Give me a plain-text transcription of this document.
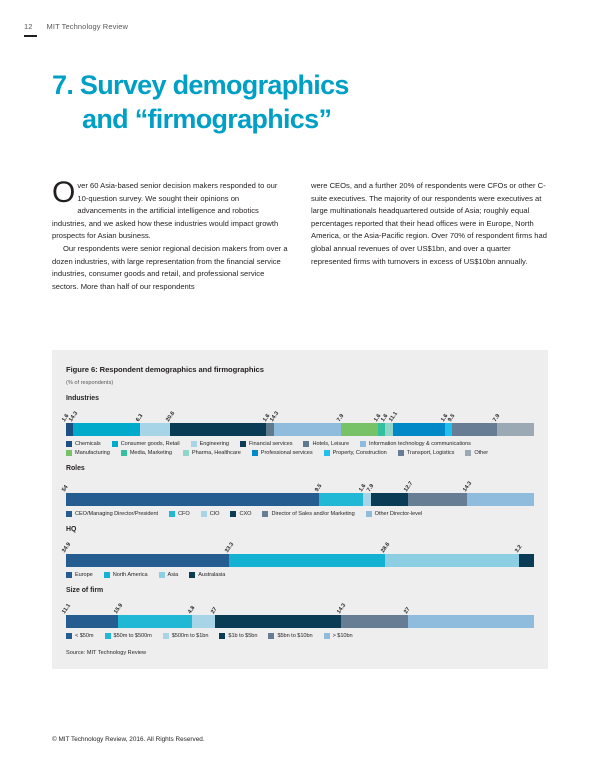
12 MIT Technology Review
7. Survey demographics
and “firmographics”

Over 60 Asia-based senior decision makers responded to our 10-question survey. We sought their opinions on advancements in the artificial intelligence and robotics industries, and we asked how these industries would impact growth prospects for Asian business.

Our respondents were senior regional decision makers from over a dozen industries, with large representation from the financial service industries, consumer goods and retail, and professional service sectors. More than half of our respondents

were CEOs, and a further 20% of respondents were CFOs or other C-suite executives. The majority of our respondents were executives at large multinationals headquartered outside of Asia; roughly equal percentages reported that their head offices were in Europe, North America, or the Asia-Pacific region. Over 70% of respondent firms had global annual revenues of over US$1bn, and over a quarter represented firms with turnovers in excess of US$10bn annually.

Figure 6: Respondent demographics and firmographics
(% of respondents)
Industries
1.6
14.3	6.3	20.6	1.6
14.3	7.9	1.6
1.6
11.1	1.6
9.5	7.9
Chemicals	Consumer goods, Retail	Engineering	Financial services	Hotels, Leisure	Information technology & communications
Manufacturing	Media, Marketing	Pharma, Healthcare	Professional services	Property, Construction	Transport, Logistics	Other
Roles
54	9.5	1.6
7.9	12.7	14.3
CEO/Managing Director/President	CFO	CIO	CXO	Director of Sales and/or Marketing	Other Director-level
HQ
34.9	33.3	28.6	3.2
Europe	North America	Asia	Australasia
Size of firm
11.1	15.9	4.8 27	14.3	27
< $50m	$50m to $500m	$500m to $1bn	$1b to $5bn	$5bn to $10bn	> $10bn
Source: MIT Technology Review
© MIT Technology Review, 2016. All Rights Reserved.
